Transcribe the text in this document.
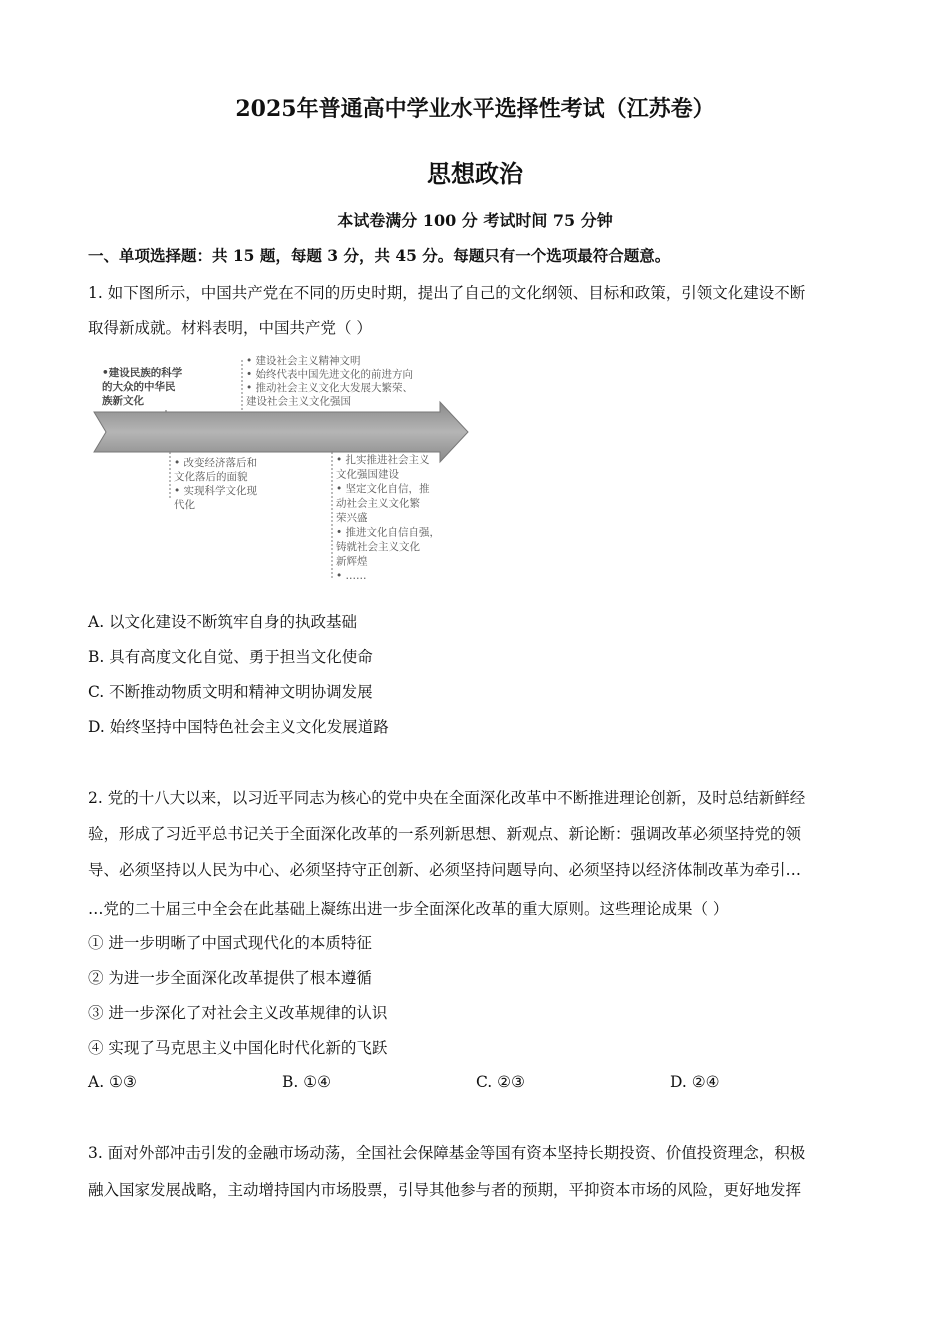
2025年普通高中学业水平选择性考试（江苏卷）
思想政治
本试卷满分 100 分 考试时间 75 分钟
一、单项选择题：共 15 题，每题 3 分，共 45 分。每题只有一个选项最符合题意。
1. 如下图所示，中国共产党在不同的历史时期，提出了自己的文化纲领、目标和政策，引领文化建设不断
取得新成就。材料表明，中国共产党（ ）
•建设民族的科学
的大众的中华民
族新文化
• 建设社会主义精神文明
• 始终代表中国先进文化的前进方向
• 推动社会主义文化大发展大繁荣、
建设社会主义文化强国
• 改变经济落后和
文化落后的面貌
• 实现科学文化现
代化
• 扎实推进社会主义
文化强国建设
• 坚定文化自信，推
动社会主义文化繁
荣兴盛
• 推进文化自信自强，
铸就社会主义文化
新辉煌
• ……
A. 以文化建设不断筑牢自身的执政基础
B. 具有高度文化自觉、勇于担当文化使命
C. 不断推动物质文明和精神文明协调发展
D. 始终坚持中国特色社会主义文化发展道路
2. 党的十八大以来，以习近平同志为核心的党中央在全面深化改革中不断推进理论创新，及时总结新鲜经
验，形成了习近平总书记关于全面深化改革的一系列新思想、新观点、新论断：强调改革必须坚持党的领
导、必须坚持以人民为中心、必须坚持守正创新、必须坚持问题导向、必须坚持以经济体制改革为牵引…
…党的二十届三中全会在此基础上凝练出进一步全面深化改革的重大原则。这些理论成果（ ）
① 进一步明晰了中国式现代化的本质特征
② 为进一步全面深化改革提供了根本遵循
③ 进一步深化了对社会主义改革规律的认识
④ 实现了马克思主义中国化时代化新的飞跃
A. ①③	B. ①④	C. ②③	D. ②④
3. 面对外部冲击引发的金融市场动荡，全国社会保障基金等国有资本坚持长期投资、价值投资理念，积极
融入国家发展战略，主动增持国内市场股票，引导其他参与者的预期，平抑资本市场的风险，更好地发挥
